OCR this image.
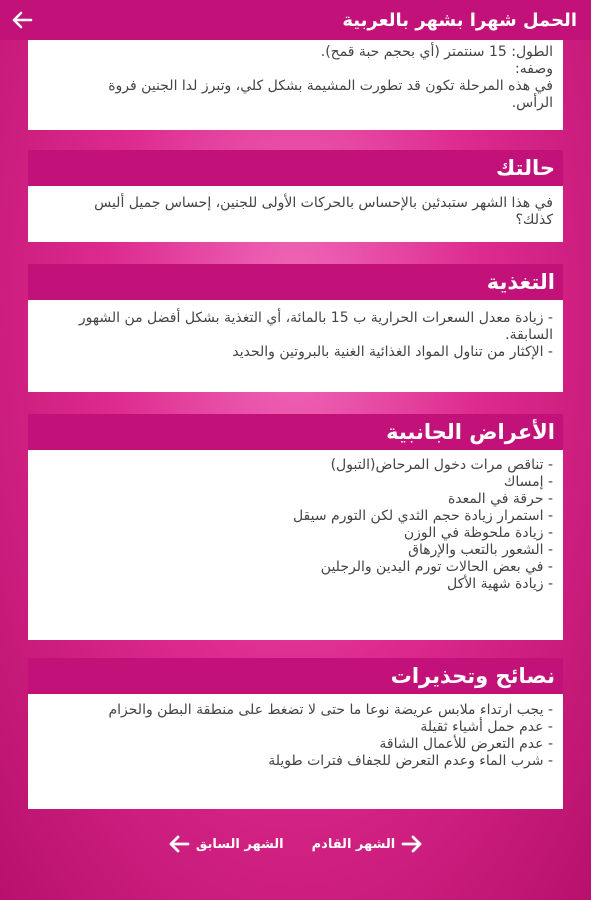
الحمل شهرا بشهر بالعربية
الطول: 15 سنتمتر (أي بحجم حبة قمح).
وصفه:
في هذه المرحلة تكون قد تطورت المشيمة بشكل كلي، وتبرز لدا الجنين فروة
الرأس.
حالتك
في هذا الشهر ستبدئين بالإحساس بالحركات الأولى للجنين، إحساس جميل أليس
كذلك؟
التغذية
- زيادة معدل السعرات الحرارية ب 15 بالمائة، أي التغذية بشكل أفضل من الشهور
السابقة.
- الإكثار من تناول المواد الغذائية الغنية بالبروتين والحديد
الأعراض الجانبية
- تناقص مرات دخول المرحاض(التبول)
- إمساك
- حرقة في المعدة
- استمرار زيادة حجم الثدي لكن التورم سيقل
- زيادة ملحوظة في الوزن
- الشعور بالتعب والإرهاق
- في بعض الحالات تورم اليدين والرجلين
- زيادة شهية الأكل
نصائح وتحذيرات
- يجب ارتداء ملابس عريضة نوعا ما حتى لا تضغط على منطقة البطن والحزام
- عدم حمل أشياء ثقيلة
- عدم التعرض للأعمال الشاقة
- شرب الماء وعدم التعرض للجفاف فترات طويلة
الشهر السابق الشهر القادم
